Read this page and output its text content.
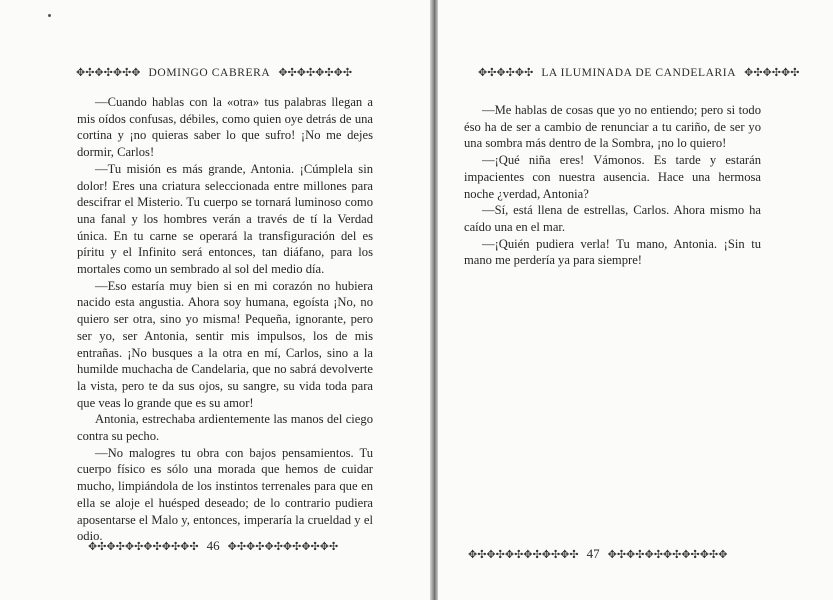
✥✣✥✣✥✣✥ DOMINGO CABRERA ✥✣✥✣✥✣✥✣

—Cuando hablas con la «otra» tus palabras llegan a mis oídos confusas, débiles, como quien oye detrás de una cortina y ¡no quieras saber lo que sufro! ¡No me dejes dormir, Carlos!

—Tu misión es más grande, Antonia. ¡Cúmplela sin dolor! Eres una criatura seleccionada entre millones para descifrar el Misterio. Tu cuerpo se tornará luminoso como una fanal y los hombres verán a través de tí la Verdad única. En tu carne se operará la transfiguración del es píritu y el Infinito será entonces, tan diáfano, para los mortales como un sembrado al sol del medio día.

—Eso estaría muy bien si en mi corazón no hubiera nacido esta angustia. Ahora soy humana, egoísta ¡No, no quiero ser otra, sino yo misma! Pequeña, ignorante, pero ser yo, ser Antonia, sentir mis impulsos, los de mis entrañas. ¡No busques a la otra en mí, Carlos, sino a la humilde muchacha de Candelaria, que no sabrá devolverte la vista, pero te da sus ojos, su sangre, su vida toda para que veas lo grande que es su amor!

Antonia, estrechaba ardientemente las manos del ciego contra su pecho.

—No malogres tu obra con bajos pensamientos. Tu cuerpo físico es sólo una morada que hemos de cuidar mucho, limpiándola de los instintos terrenales para que en ella se aloje el huésped deseado; de lo contrario pudiera aposentarse el Malo y, entonces, imperaría la crueldad y el odio.

✥✣✥✣✥✣✥✣✥✣✥✣ 46 ✥✣✥✣✥✣✥✣✥✣✥✣
✥✣✥✣✥✣ LA ILUMINADA DE CANDELARIA ✥✣✥✣✥✣

—Me hablas de cosas que yo no entiendo; pero si todo éso ha de ser a cambio de renunciar a tu cariño, de ser yo una sombra más dentro de la Sombra, ¡no lo quiero!

—¡Qué niña eres! Vámonos. Es tarde y estarán impacientes con nuestra ausencia. Hace una hermosa noche ¿verdad, Antonia?

—Sí, está llena de estrellas, Carlos. Ahora mismo ha caído una en el mar.

—¡Quién pudiera verla! Tu mano, Antonia. ¡Sin tu mano me perdería ya para siempre!

✥✣✥✣✥✣✥✣✥✣✥✣ 47 ✥✣✥✣✥✣✥✣✥✣✥✣✥
